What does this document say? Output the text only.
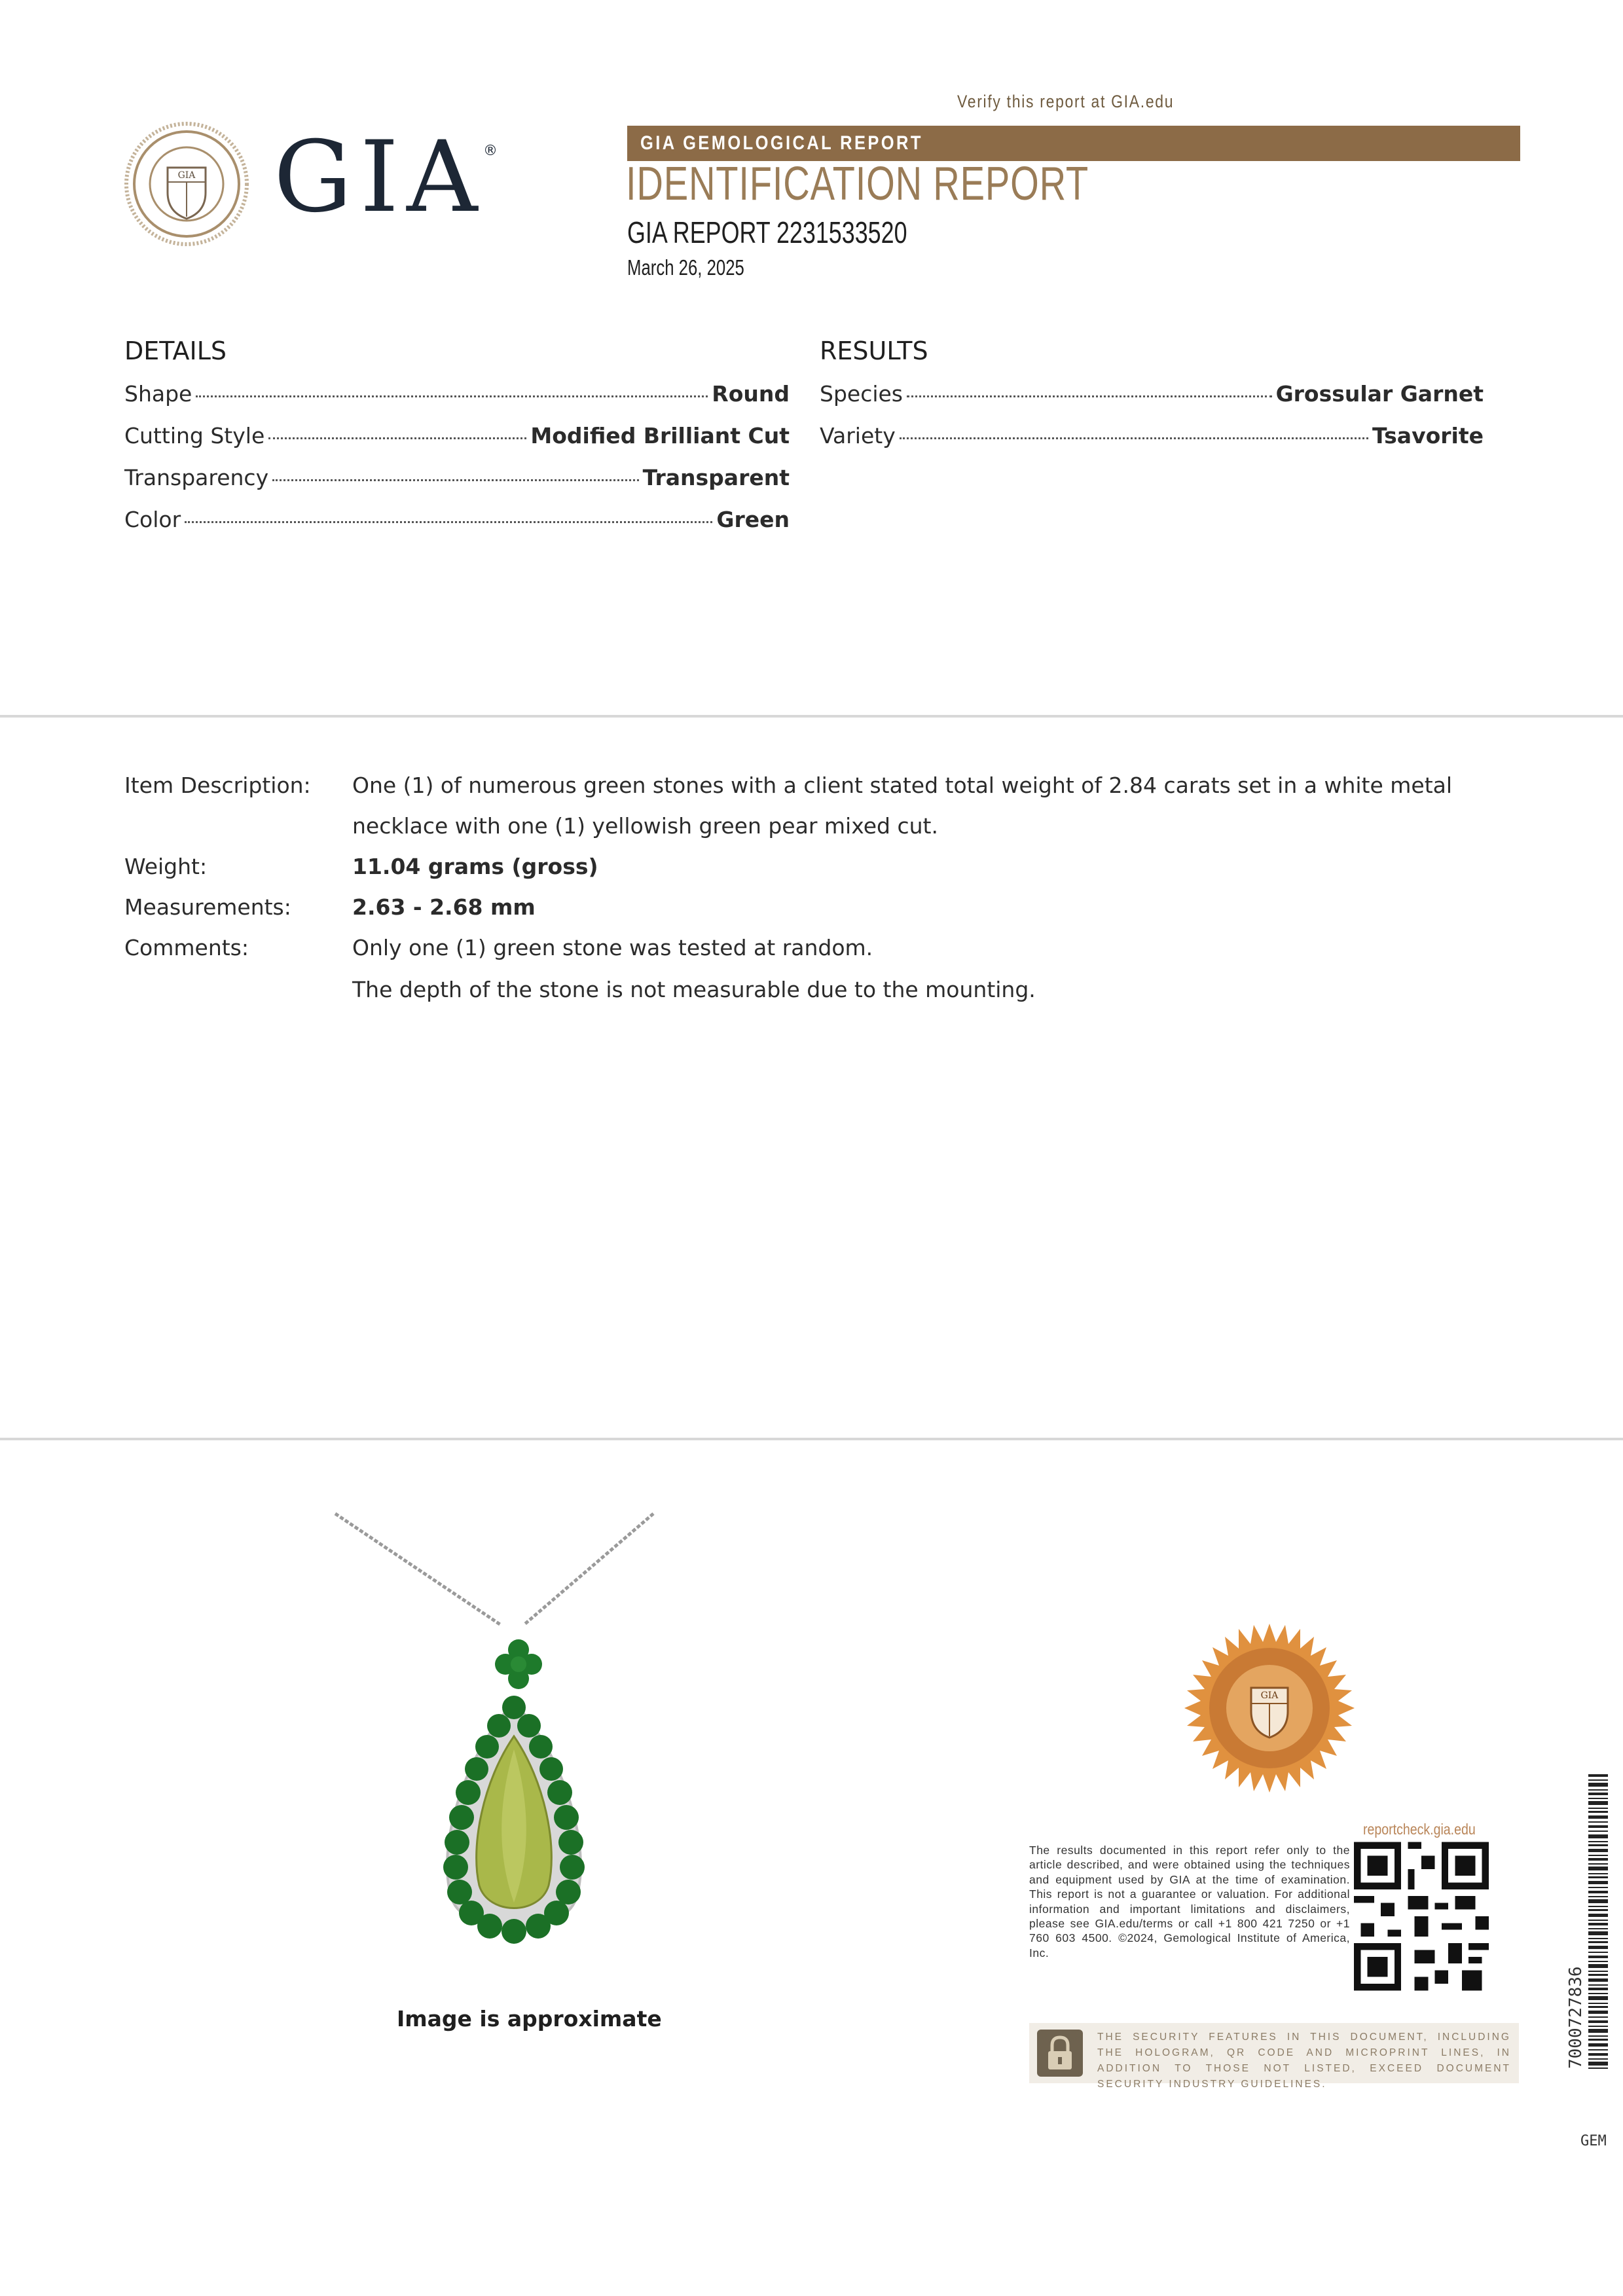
Verify this report at GIA.edu
GIA GIA
®	GIA GEMOLOGICAL REPORT
IDENTIFICATION REPORT
GIA REPORT 2231533520
March 26, 2025
DETAILS
Shape	Round
Cutting Style	Modified Brilliant Cut
Transparency	Transparent
Color	Green
RESULTS
Species	Grossular Garnet
Variety	Tsavorite
Item Description: One (1) of numerous green stones with a client stated total weight of 2.84 carats set in a white metal
necklace with one (1) yellowish green pear mixed cut.
Weight:	11.04 grams (gross)
Measurements:	2.63 - 2.68 mm
Comments:	Only one (1) green stone was tested at random.
The depth of the stone is not measurable due to the mounting.
Image is approximate
GIA
reportcheck.gia.edu
The results documented in this report refer only to the article described, and were obtained using the techniques and equipment used by GIA at the time of examination. This report is not a guarantee or valuation. For additional information and important limitations and disclaimers, please see GIA.edu/terms or call +1 800 421 7250 or +1 760 603 4500. ©2024, Gemological Institute of America, Inc.
THE SECURITY FEATURES IN THIS DOCUMENT, INCLUDING THE HOLOGRAM, QR CODE AND MICROPRINT LINES, IN ADDITION TO THOSE NOT LISTED, EXCEED DOCUMENT SECURITY INDUSTRY GUIDELINES.
7000727836
GEM
